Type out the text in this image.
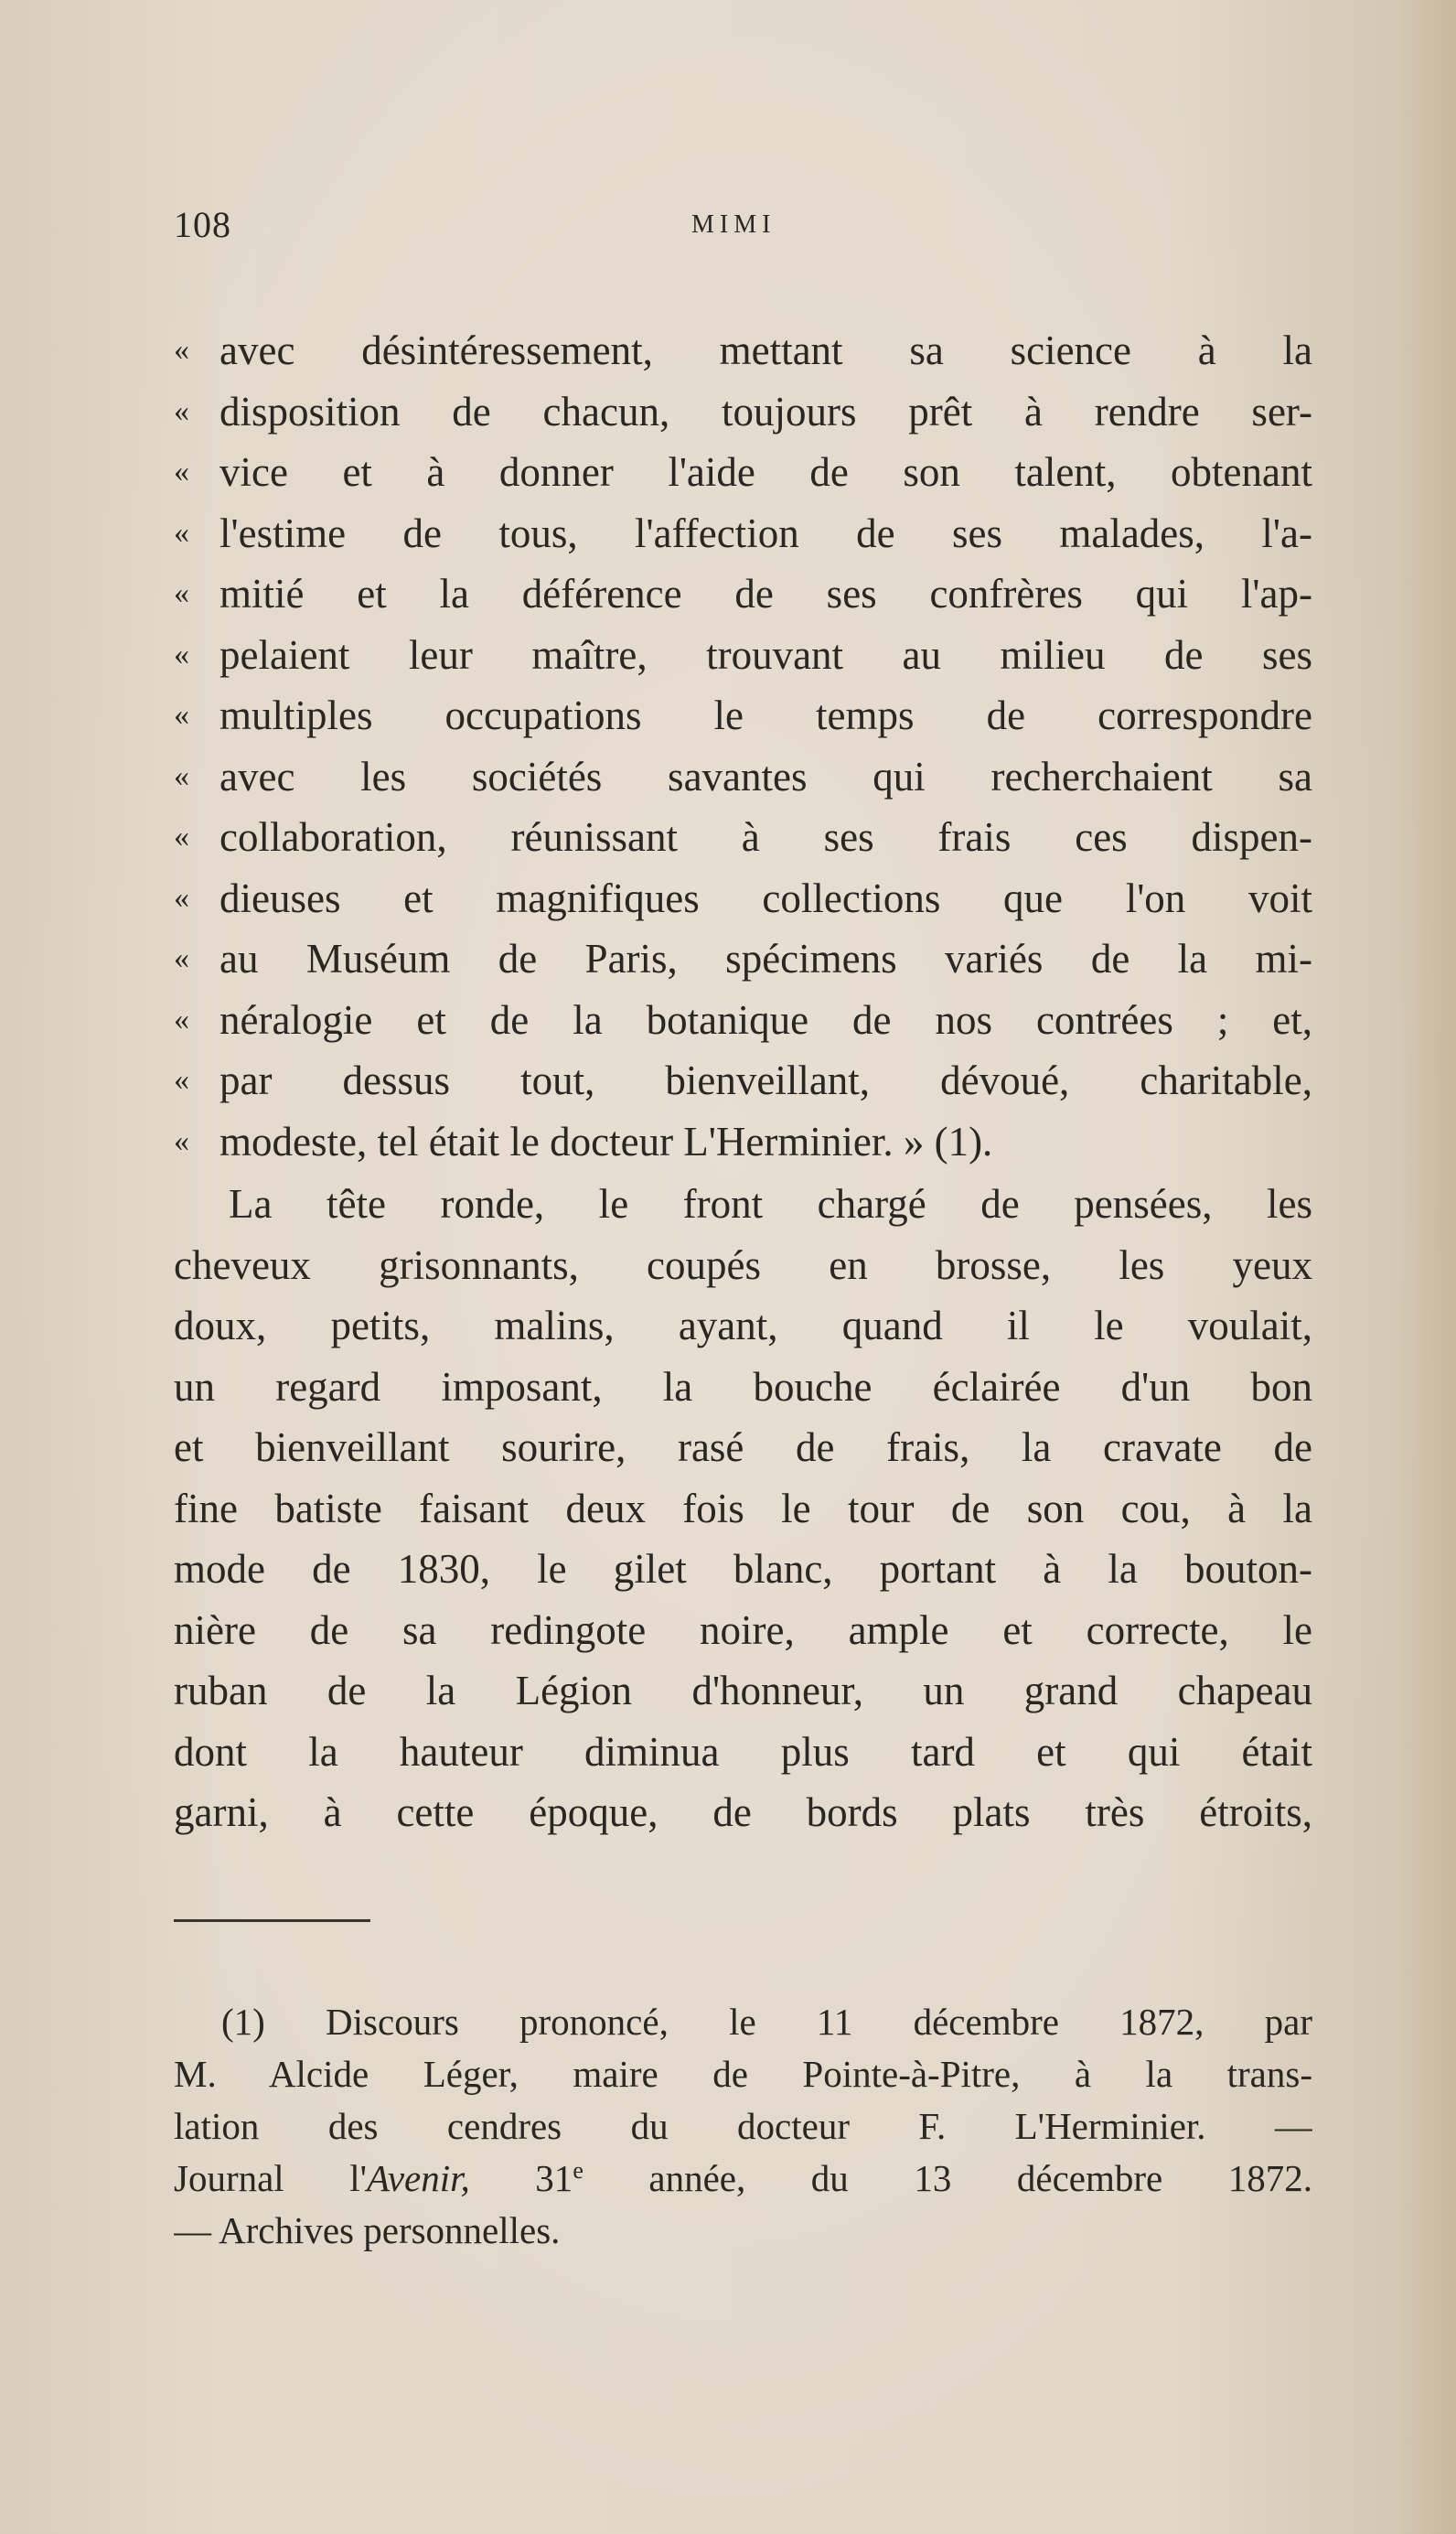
108	MIMI
« avec désintéressement, mettant sa science à la
« disposition de chacun, toujours prêt à rendre ser-
« vice et à donner l'aide de son talent, obtenant
« l'estime de tous, l'affection de ses malades, l'a-
« mitié et la déférence de ses confrères qui l'ap-
« pelaient leur maître, trouvant au milieu de ses
« multiples occupations le temps de correspondre
« avec les sociétés savantes qui recherchaient sa
« collaboration, réunissant à ses frais ces dispen-
« dieuses et magnifiques collections que l'on voit
« au Muséum de Paris, spécimens variés de la mi-
« néralogie et de la botanique de nos contrées ; et,
« par dessus tout, bienveillant, dévoué, charitable,
« modeste, tel était le docteur L'Herminier. » (1).
La tête ronde, le front chargé de pensées, les
cheveux grisonnants, coupés en brosse, les yeux
doux, petits, malins, ayant, quand il le voulait,
un regard imposant, la bouche éclairée d'un bon
et bienveillant sourire, rasé de frais, la cravate de
fine batiste faisant deux fois le tour de son cou, à la
mode de 1830, le gilet blanc, portant à la bouton-
nière de sa redingote noire, ample et correcte, le
ruban de la Légion d'honneur, un grand chapeau
dont la hauteur diminua plus tard et qui était
garni, à cette époque, de bords plats très étroits,
(1) Discours prononcé, le 11 décembre 1872, par
M. Alcide Léger, maire de Pointe-à-Pitre, à la trans-
lation des cendres du docteur F. L'Herminier. —
Journal l'Avenir, 31e année, du 13 décembre 1872.
— Archives personnelles.
